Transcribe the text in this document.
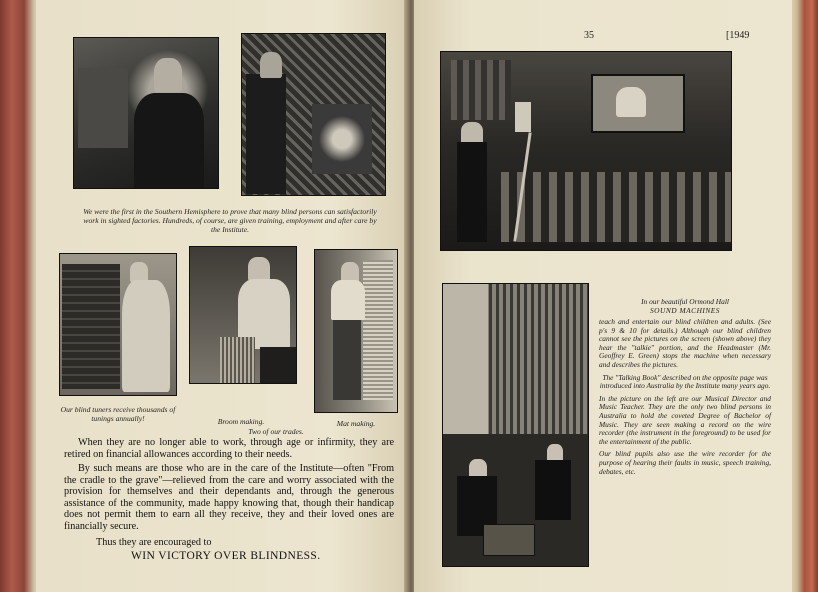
We were the first in the Southern Hemisphere to prove that many blind persons can satisfactorily work in sighted factories. Hundreds, of course, are given training, employment and after care by the Institute.
Our blind tuners receive thousands of tunings annually!	Broom making.
Two of our trades.
Mat making.
When they are no longer able to work, through age or infirmity, they are retired on financial allowances according to their needs.
By such means are those who are in the care of the Institute—often "From the cradle to the grave"—relieved from the care and worry associated with the provision for themselves and their dependants and, through the generous assistance of the community, made happy knowing that, though their handicap does not permit them to earn all they receive, they and their loved ones are financially secure.
Thus they are encouraged to
WIN VICTORY OVER BLINDNESS.
35	[1949
In our beautiful Ormond Hall
SOUND MACHINES

teach and entertain our blind children and adults. (See p's 9 & 10 for details.) Although our blind children cannot see the pictures on the screen (shown above) they hear the "talkie" portion, and the Headmaster (Mr. Geoffrey E. Green) stops the machine when necessary and describes the pictures.

The "Talking Book" described on the opposite page was introduced into Australia by the Institute many years ago.

In the picture on the left are our Musical Director and Music Teacher. They are the only two blind persons in Australia to hold the coveted Degree of Bachelor of Music. They are seen making a record on the wire recorder (the instrument in the foreground) to be used for the entertainment of the public.

Our blind pupils also use the wire recorder for the purpose of hearing their faults in music, speech training, debates, etc.
